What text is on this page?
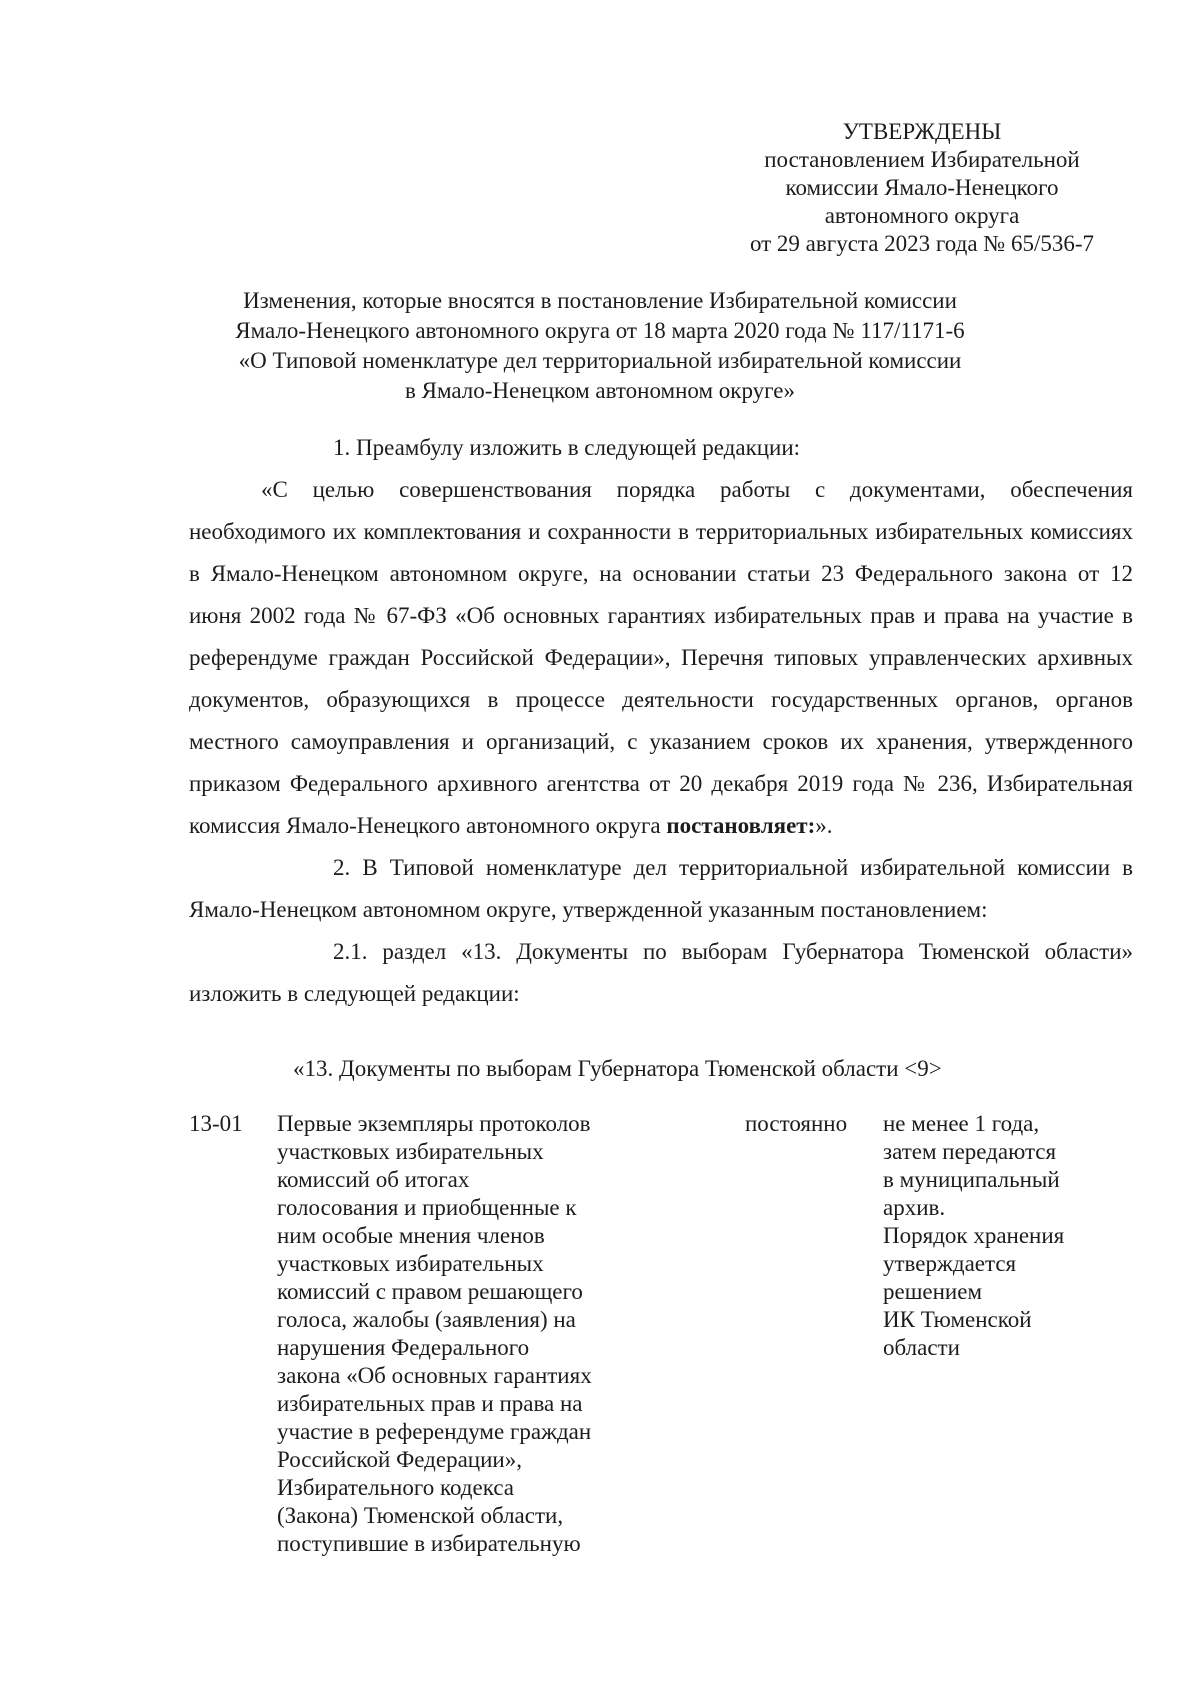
УТВЕРЖДЕНЫ
постановлением Избирательной
комиссии Ямало-Ненецкого
автономного округа
от 29 августа 2023 года № 65/536-7
Изменения, которые вносятся в постановление Избирательной комиссии
Ямало-Ненецкого автономного округа от 18 марта 2020 года № 117/1171-6
«О Типовой номенклатуре дел территориальной избирательной комиссии
в Ямало-Ненецком автономном округе»

1. Преамбулу изложить в следующей редакции:

«С целью совершенствования порядка работы с документами, обеспечения необходимого их комплектования и сохранности в территориальных избирательных комиссиях в Ямало-Ненецком автономном округе, на основании статьи 23 Федерального закона от 12 июня 2002 года № 67-ФЗ «Об основных гарантиях избирательных прав и права на участие в референдуме граждан Российской Федерации», Перечня типовых управленческих архивных документов, образующихся в процессе деятельности государственных органов, органов местного самоуправления и организаций, с указанием сроков их хранения, утвержденного приказом Федерального архивного агентства от 20 декабря 2019 года № 236, Избирательная комиссия Ямало-Ненецкого автономного округа постановляет:».

2. В Типовой номенклатуре дел территориальной избирательной комиссии в Ямало-Ненецком автономном округе, утвержденной указанным постановлением:

2.1. раздел «13. Документы по выборам Губернатора Тюменской области» изложить в следующей редакции:

«13. Документы по выборам Губернатора Тюменской области <9>
13-01	Первые экземпляры протоколов
участковых избирательных
комиссий об итогах
голосования и приобщенные к
ним особые мнения членов
участковых избирательных
комиссий с правом решающего
голоса, жалобы (заявления) на
нарушения Федерального
закона «Об основных гарантиях
избирательных прав и права на
участие в референдуме граждан
Российской Федерации»,
Избирательного кодекса
(Закона) Тюменской области,
поступившие в избирательную
постоянно	не менее 1 года,
затем передаются
в муниципальный
архив.
Порядок хранения
утверждается
решением
ИК Тюменской
области
